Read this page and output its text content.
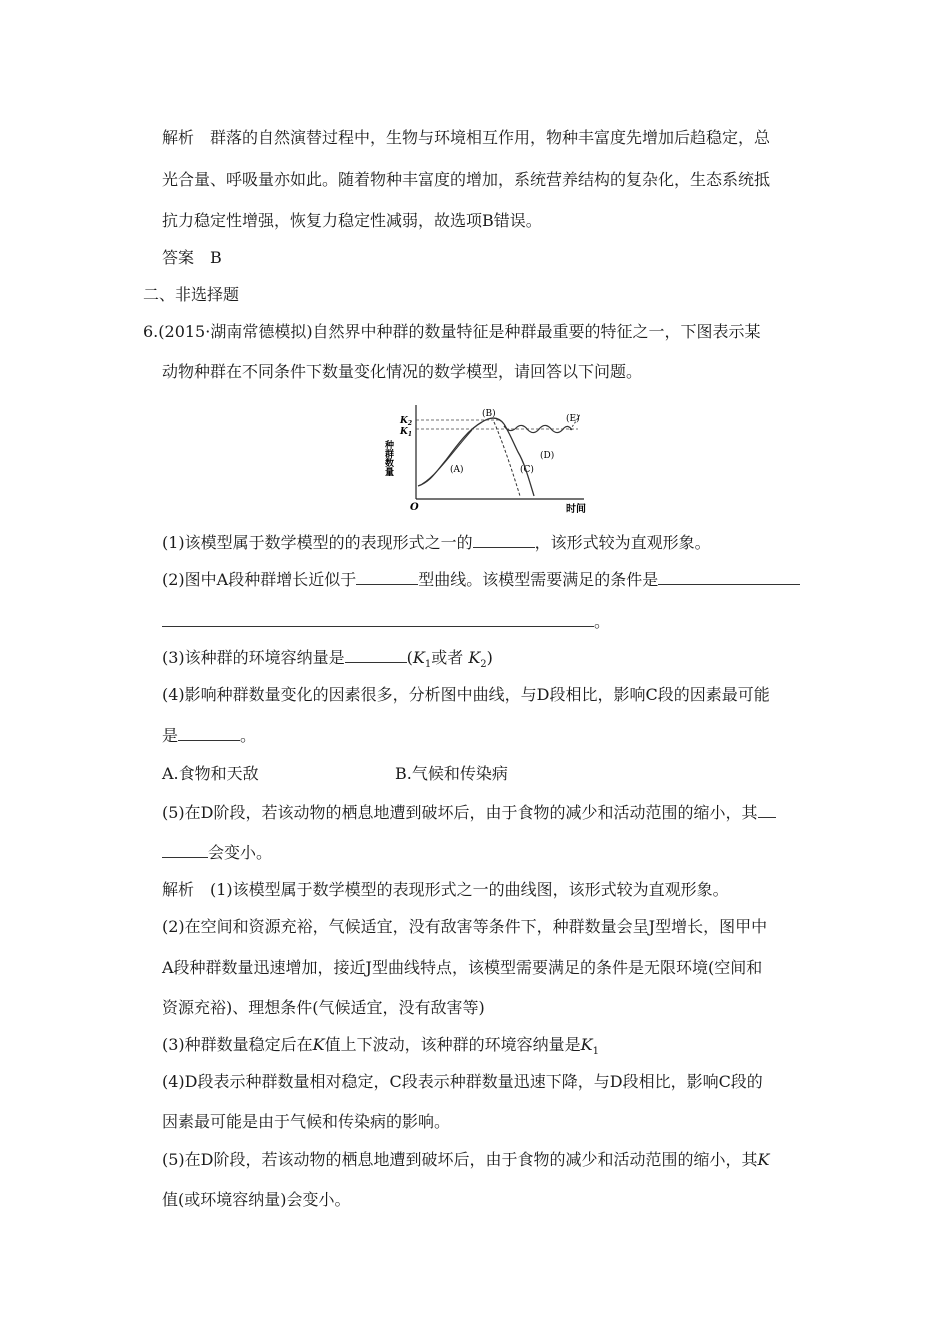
解析　群落的自然演替过程中，生物与环境相互作用，物种丰富度先增加后趋稳定，总
光合量、呼吸量亦如此。随着物种丰富度的增加，系统营养结构的复杂化，生态系统抵
抗力稳定性增强，恢复力稳定性减弱，故选项B错误。
答案　B
二、非选择题
6.(2015·湖南常德模拟)自然界中种群的数量特征是种群最重要的特征之一，下图表示某
动物种群在不同条件下数量变化情况的数学模型，请回答以下问题。
种群数量
时间
O
$K_2$
$K_1$
(A)
(B)
(C)
(D)
(E)
(1)该模型属于数学模型的的表现形式之一的	，该形式较为直观形象。
(2)图中A段种群增长近似于	型曲线。该模型需要满足的条件是
。
(3)该种群的环境容纳量是	($K_1$或者 $K_2$)
(4)影响种群数量变化的因素很多，分析图中曲线，与D段相比，影响C段的因素最可能
是	。
A.食物和天敌	B.气候和传染病
(5)在D阶段，若该动物的栖息地遭到破坏后，由于食物的减少和活动范围的缩小，其
会变小。
解析　(1)该模型属于数学模型的表现形式之一的曲线图，该形式较为直观形象。
(2)在空间和资源充裕，气候适宜，没有敌害等条件下，种群数量会呈J型增长，图甲中
A段种群数量迅速增加，接近J型曲线特点，该模型需要满足的条件是无限环境(空间和
资源充裕)、理想条件(气候适宜，没有敌害等)
(3)种群数量稳定后在K值上下波动，该种群的环境容纳量是$K_1$
(4)D段表示种群数量相对稳定，C段表示种群数量迅速下降，与D段相比，影响C段的
因素最可能是由于气候和传染病的影响。
(5)在D阶段，若该动物的栖息地遭到破坏后，由于食物的减少和活动范围的缩小，其K
值(或环境容纳量)会变小。
